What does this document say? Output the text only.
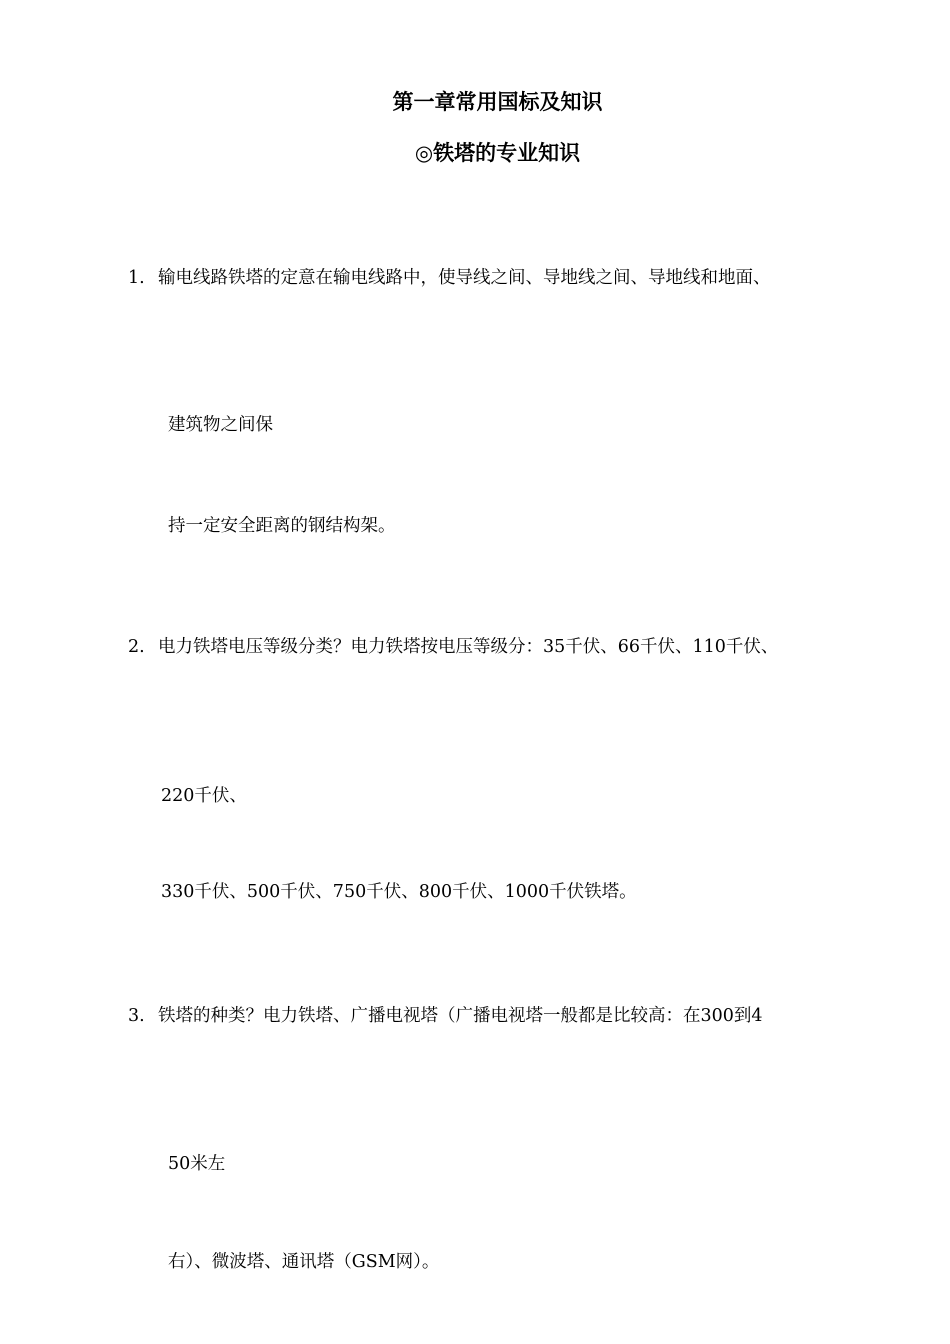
第一章常用国标及知识
◎铁塔的专业知识
1. 输电线路铁塔的定意在输电线路中，使导线之间、导地线之间、导地线和地面、
建筑物之间保
持一定安全距离的钢结构架。
2. 电力铁塔电压等级分类？电力铁塔按电压等级分：35千伏、66千伏、110千伏、
220千伏、
330千伏、500千伏、750千伏、800千伏、1000千伏铁塔。
3. 铁塔的种类？电力铁塔、广播电视塔（广播电视塔一般都是比较高：在300到4
50米左
右）、微波塔、通讯塔（GSM网）。
